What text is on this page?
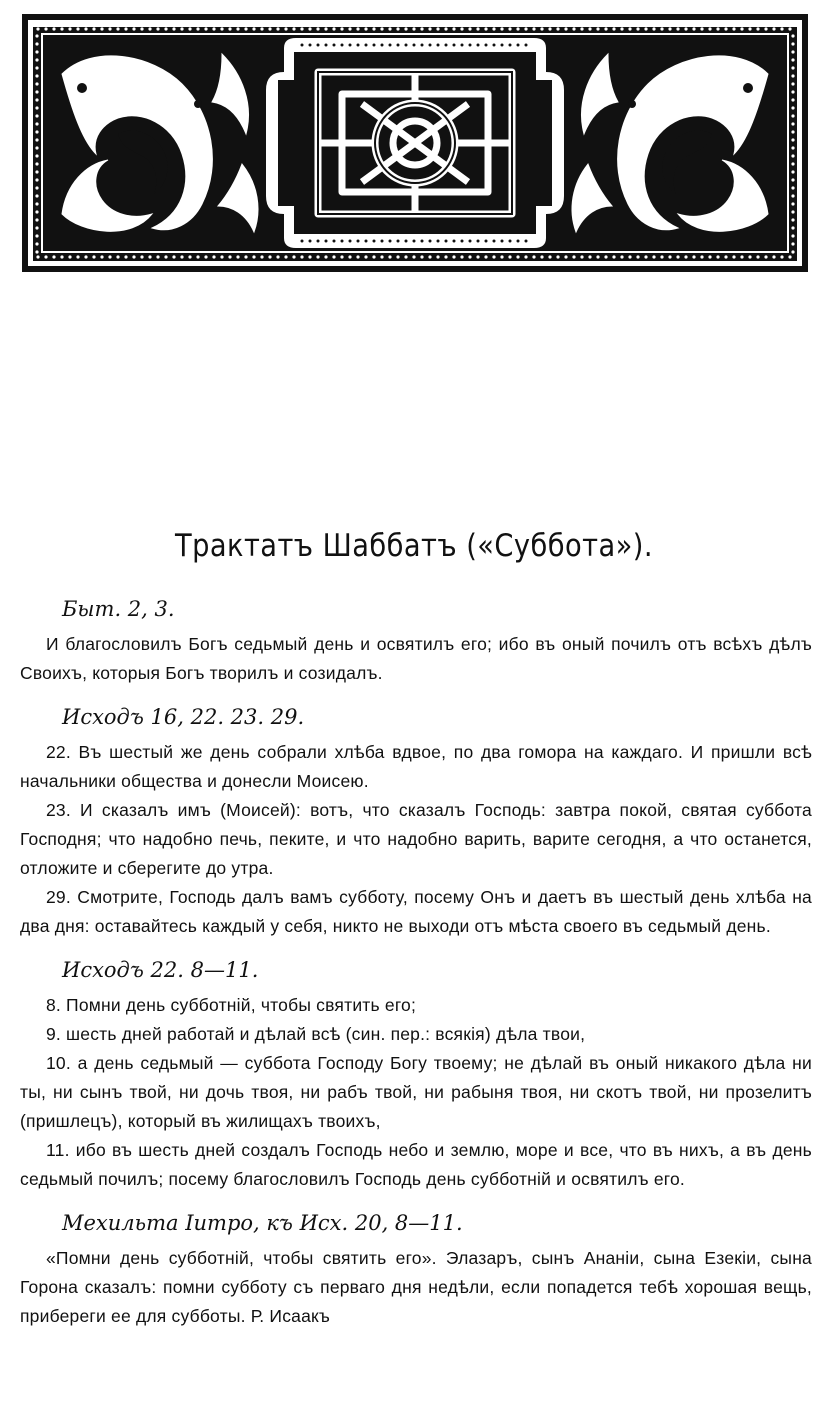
Трактатъ Шаббатъ («Суббота»).

Быт. 2, 3.

И благословилъ Богъ седьмый день и освятилъ его; ибо въ оный почилъ отъ всѣхъ дѣлъ Своихъ, которыя Богъ творилъ и созидалъ.

Исходъ 16, 22. 23. 29.

22. Въ шестый же день собрали хлѣба вдвое, по два гомора на каждаго. И пришли всѣ начальники общества и донесли Моисею.

23. И сказалъ имъ (Моисей): вотъ, что сказалъ Господь: завтра покой, святая суббота Господня; что надобно печь, пеките, и что надобно варить, варите сегодня, а что останется, отложите и сберегите до утра.

29. Смотрите, Господь далъ вамъ субботу, посему Онъ и даетъ въ шестый день хлѣба на два дня: оставайтесь каждый у себя, никто не выходи отъ мѣста своего въ седьмый день.

Исходъ 22. 8—11.

8. Помни день субботній, чтобы святить его;

9. шесть дней работай и дѣлай всѣ (син. пер.: всякія) дѣла твои,

10. а день седьмый — суббота Господу Богу твоему; не дѣлай въ оный никакого дѣла ни ты, ни сынъ твой, ни дочь твоя, ни рабъ твой, ни рабыня твоя, ни скотъ твой, ни прозелитъ (пришлецъ), который въ жилищахъ твоихъ,

11. ибо въ шесть дней создалъ Господь небо и землю, море и все, что въ нихъ, а въ день седьмый почилъ; посему благословилъ Господь день субботній и освятилъ его.

Мехильта Іитро, къ Исх. 20, 8—11.

«Помни день субботній, чтобы святить его». Элазаръ, сынъ Ананіи, сына Езекіи, сына Горона сказалъ: помни субботу съ перваго дня недѣли, если попадется тебѣ хорошая вещь, прибереги ее для субботы. Р. Исаакъ
